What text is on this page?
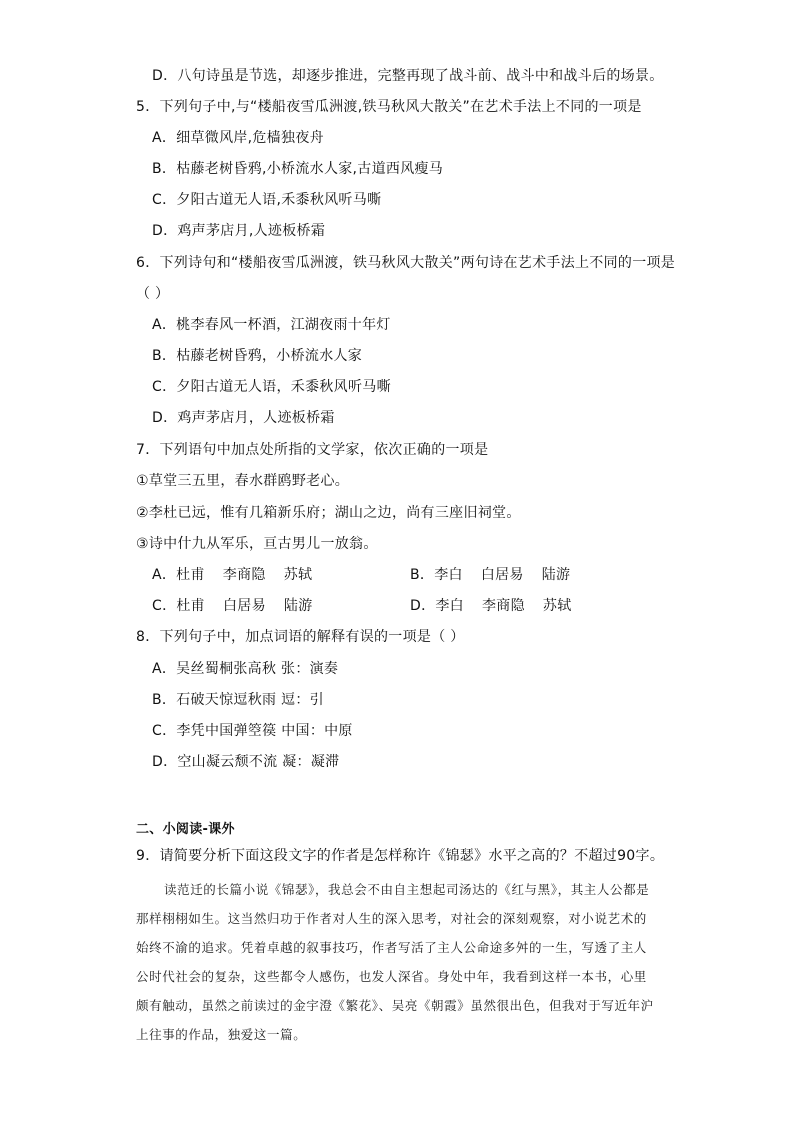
D．八句诗虽是节选，却逐步推进，完整再现了战斗前、战斗中和战斗后的场景。
5．下列句子中,与“楼船夜雪瓜洲渡,铁马秋风大散关”在艺术手法上不同的一项是
A．细草微风岸,危樯独夜舟
B．枯藤老树昏鸦,小桥流水人家,古道西风瘦马
C．夕阳古道无人语,禾黍秋风听马嘶
D．鸡声茅店月,人迹板桥霜
6．下列诗句和“楼船夜雪瓜洲渡，铁马秋风大散关”两句诗在艺术手法上不同的一项是
（ ）
A．桃李春风一杯酒，江湖夜雨十年灯
B．枯藤老树昏鸦，小桥流水人家
C．夕阳古道无人语，禾黍秋风听马嘶
D．鸡声茅店月，人迹板桥霜
7．下列语句中加点处所指的文学家，依次正确的一项是
①草堂三五里，春水群鸥野老心。
②李杜已远，惟有几箱新乐府；湖山之边，尚有三座旧祠堂。
③诗中什九从军乐，亘古男儿一放翁。
A．杜甫 李商隐 苏轼	B．李白 白居易 陆游
C．杜甫 白居易 陆游	D．李白 李商隐 苏轼
8．下列句子中，加点词语的解释有误的一项是（ ）
A．吴丝蜀桐张高秋 张：演奏
B．石破天惊逗秋雨 逗：引
C．李凭中国弹箜篌 中国：中原
D．空山凝云颓不流 凝：凝滞
二、小阅读-课外
9．请简要分析下面这段文字的作者是怎样称许《锦瑟》水平之高的？不超过90字。
读范迁的长篇小说《锦瑟》，我总会不由自主想起司汤达的《红与黑》，其主人公都是那样栩栩如生。这当然归功于作者对人生的深入思考，对社会的深刻观察，对小说艺术的始终不渝的追求。凭着卓越的叙事技巧，作者写活了主人公命途多舛的一生，写透了主人公时代社会的复杂，这些都令人感伤，也发人深省。身处中年，我看到这样一本书，心里颇有触动，虽然之前读过的金宇澄《繁花》、吴亮《朝霞》虽然很出色，但我对于写近年沪上往事的作品，独爱这一篇。
